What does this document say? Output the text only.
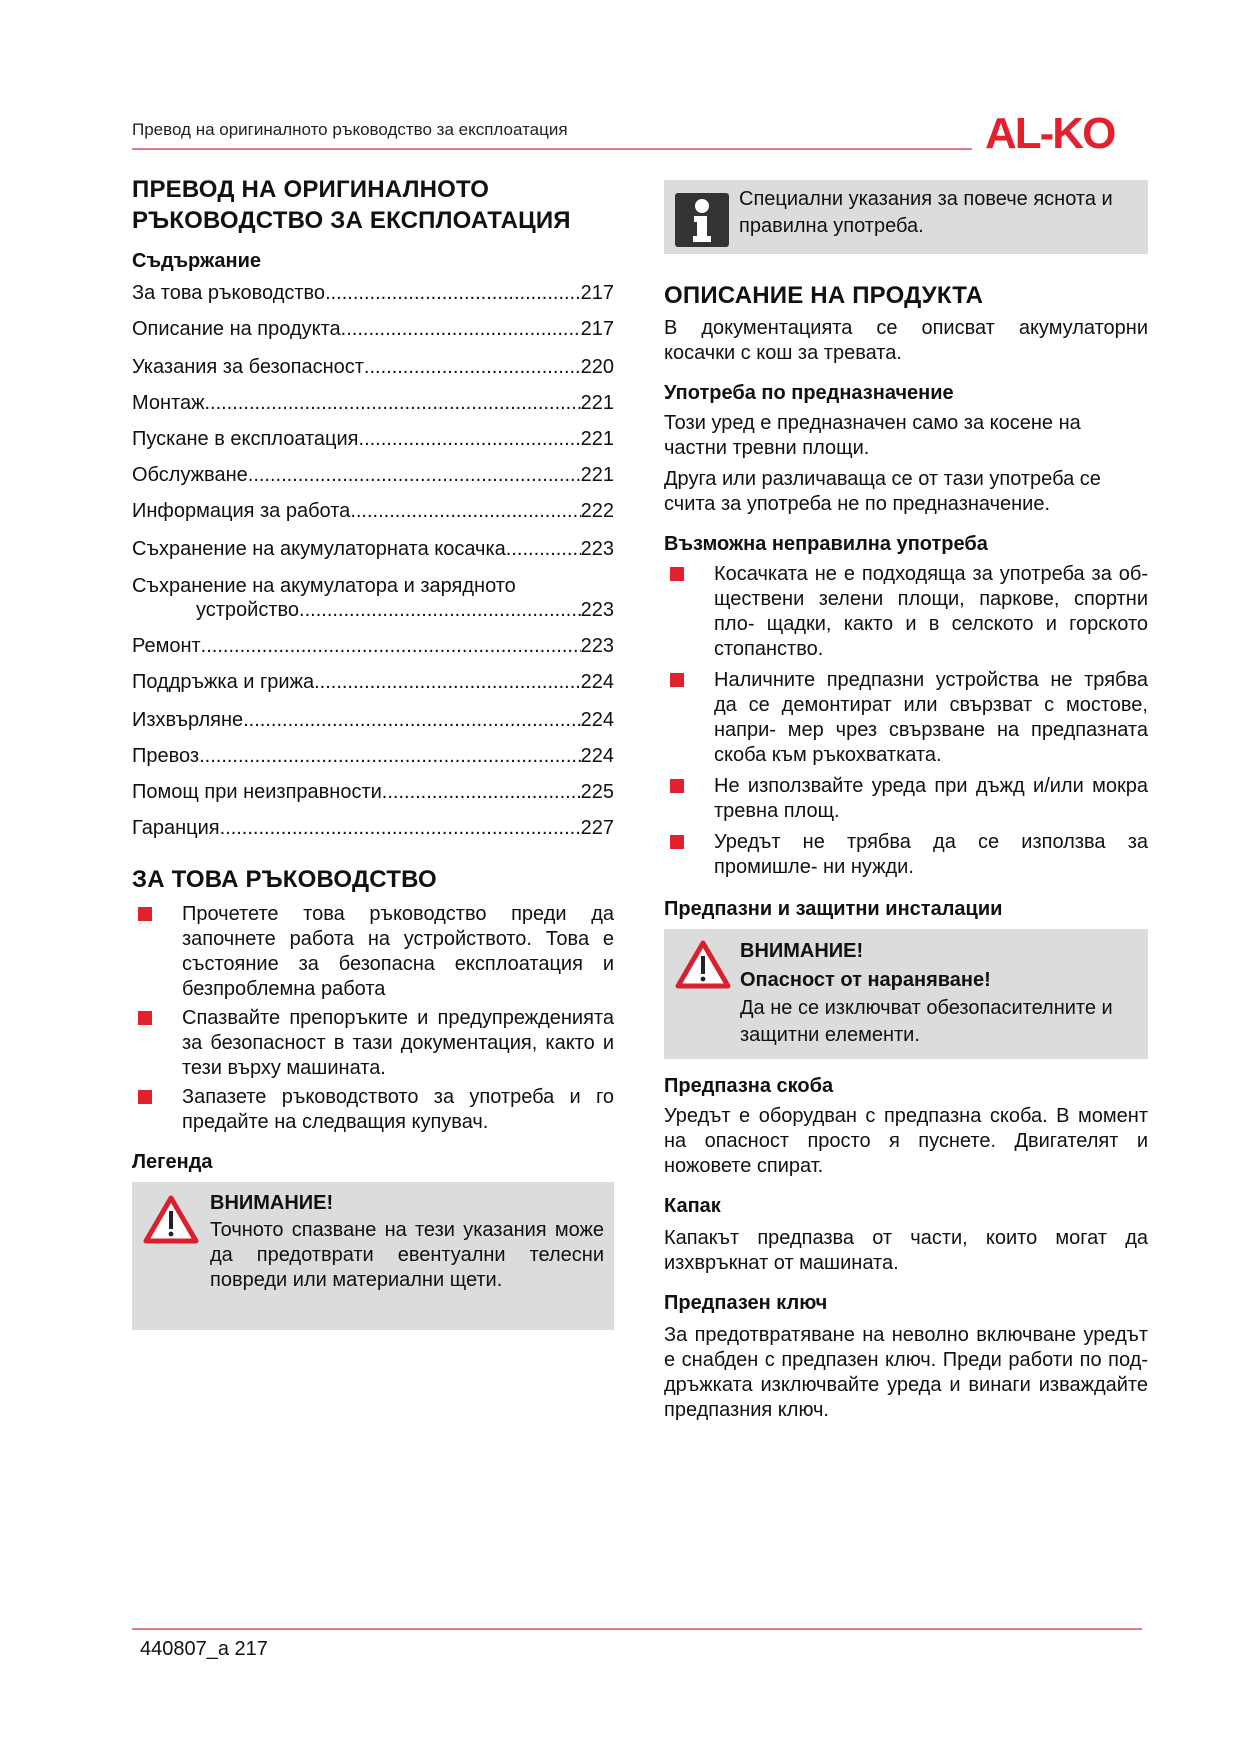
Превод на оригиналното ръководство за експлоатация	AL-KO
ПРЕВОД НА ОРИГИНАЛНОТО
РЪКОВОДСТВО ЗА ЕКСПЛОАТАЦИЯ
Съдържание
За това ръководство .....	217
Описание на продукта .....	217
Указания за безопасност .....	220
Монтаж .....	221
Пускане в експлоатация .....	221
Обслужване .....	221
Информация за работа .....	222
Съхранение на акумулаторната косачка .....	223
Съхранение на акумулатора и зарядното
устройство .....	223
Ремонт .....	223
Поддръжка и грижа .....	224
Изхвърляне .....	224
Превоз .....	224
Помощ при неизправности .....	225
Гаранция .....	227
ЗА ТОВА РЪКОВОДСТВО
Прочетете това ръководство преди да започнете работа на устройството. Това е състояние за безопасна експлоатация и безпроблемна работа
Спазвайте препоръките и предупрежденията за безопасност в тази документация, както и тези върху машината.
Запазете ръководството за употреба и го предайте на следващия купувач.
Легенда
ВНИМАНИЕ!
Точното спазване на тези указания може да предотврати евентуални телесни повреди или материални щети.
Специални указания за повече яснота и правилна употреба.
ОПИСАНИЕ НА ПРОДУКТА
В документацията се описват акумулаторни косачки с кош за тревата.
Употреба по предназначение
Този уред е предназначен само за косене на частни тревни площи.
Друга или различаваща се от тази употреба се счита за употреба не по предназначение.
Възможна неправилна употреба
Косачката не е подходяща за употреба за об- ществени зелени площи, паркове, спортни пло- щадки, както и в селското и горското стопанство.
Наличните предпазни устройства не трябва да се демонтират или свързват с мостове, напри- мер чрез свързване на предпазната скоба към ръкохватката.
Не използвайте уреда при дъжд и/или мокра тревна площ.
Уредът не трябва да се използва за промишле- ни нужди.
Предпазни и защитни инсталации
ВНИМАНИЕ!
Опасност от нараняване!
Да не се изключват обезопасителните и защитни елементи.
Предпазна скоба
Уредът е оборудван с предпазна скоба. В момент на опасност просто я пуснете. Двигателят и ножовете спират.
Капак
Капакът предпазва от части, които могат да изхвръкнат от машината.
Предпазен ключ
За предотвратяване на неволно включване уредът е снабден с предпазен ключ. Преди работи по под- дръжката изключвайте уреда и винаги изваждайте предпазния ключ.
440807_a 217
